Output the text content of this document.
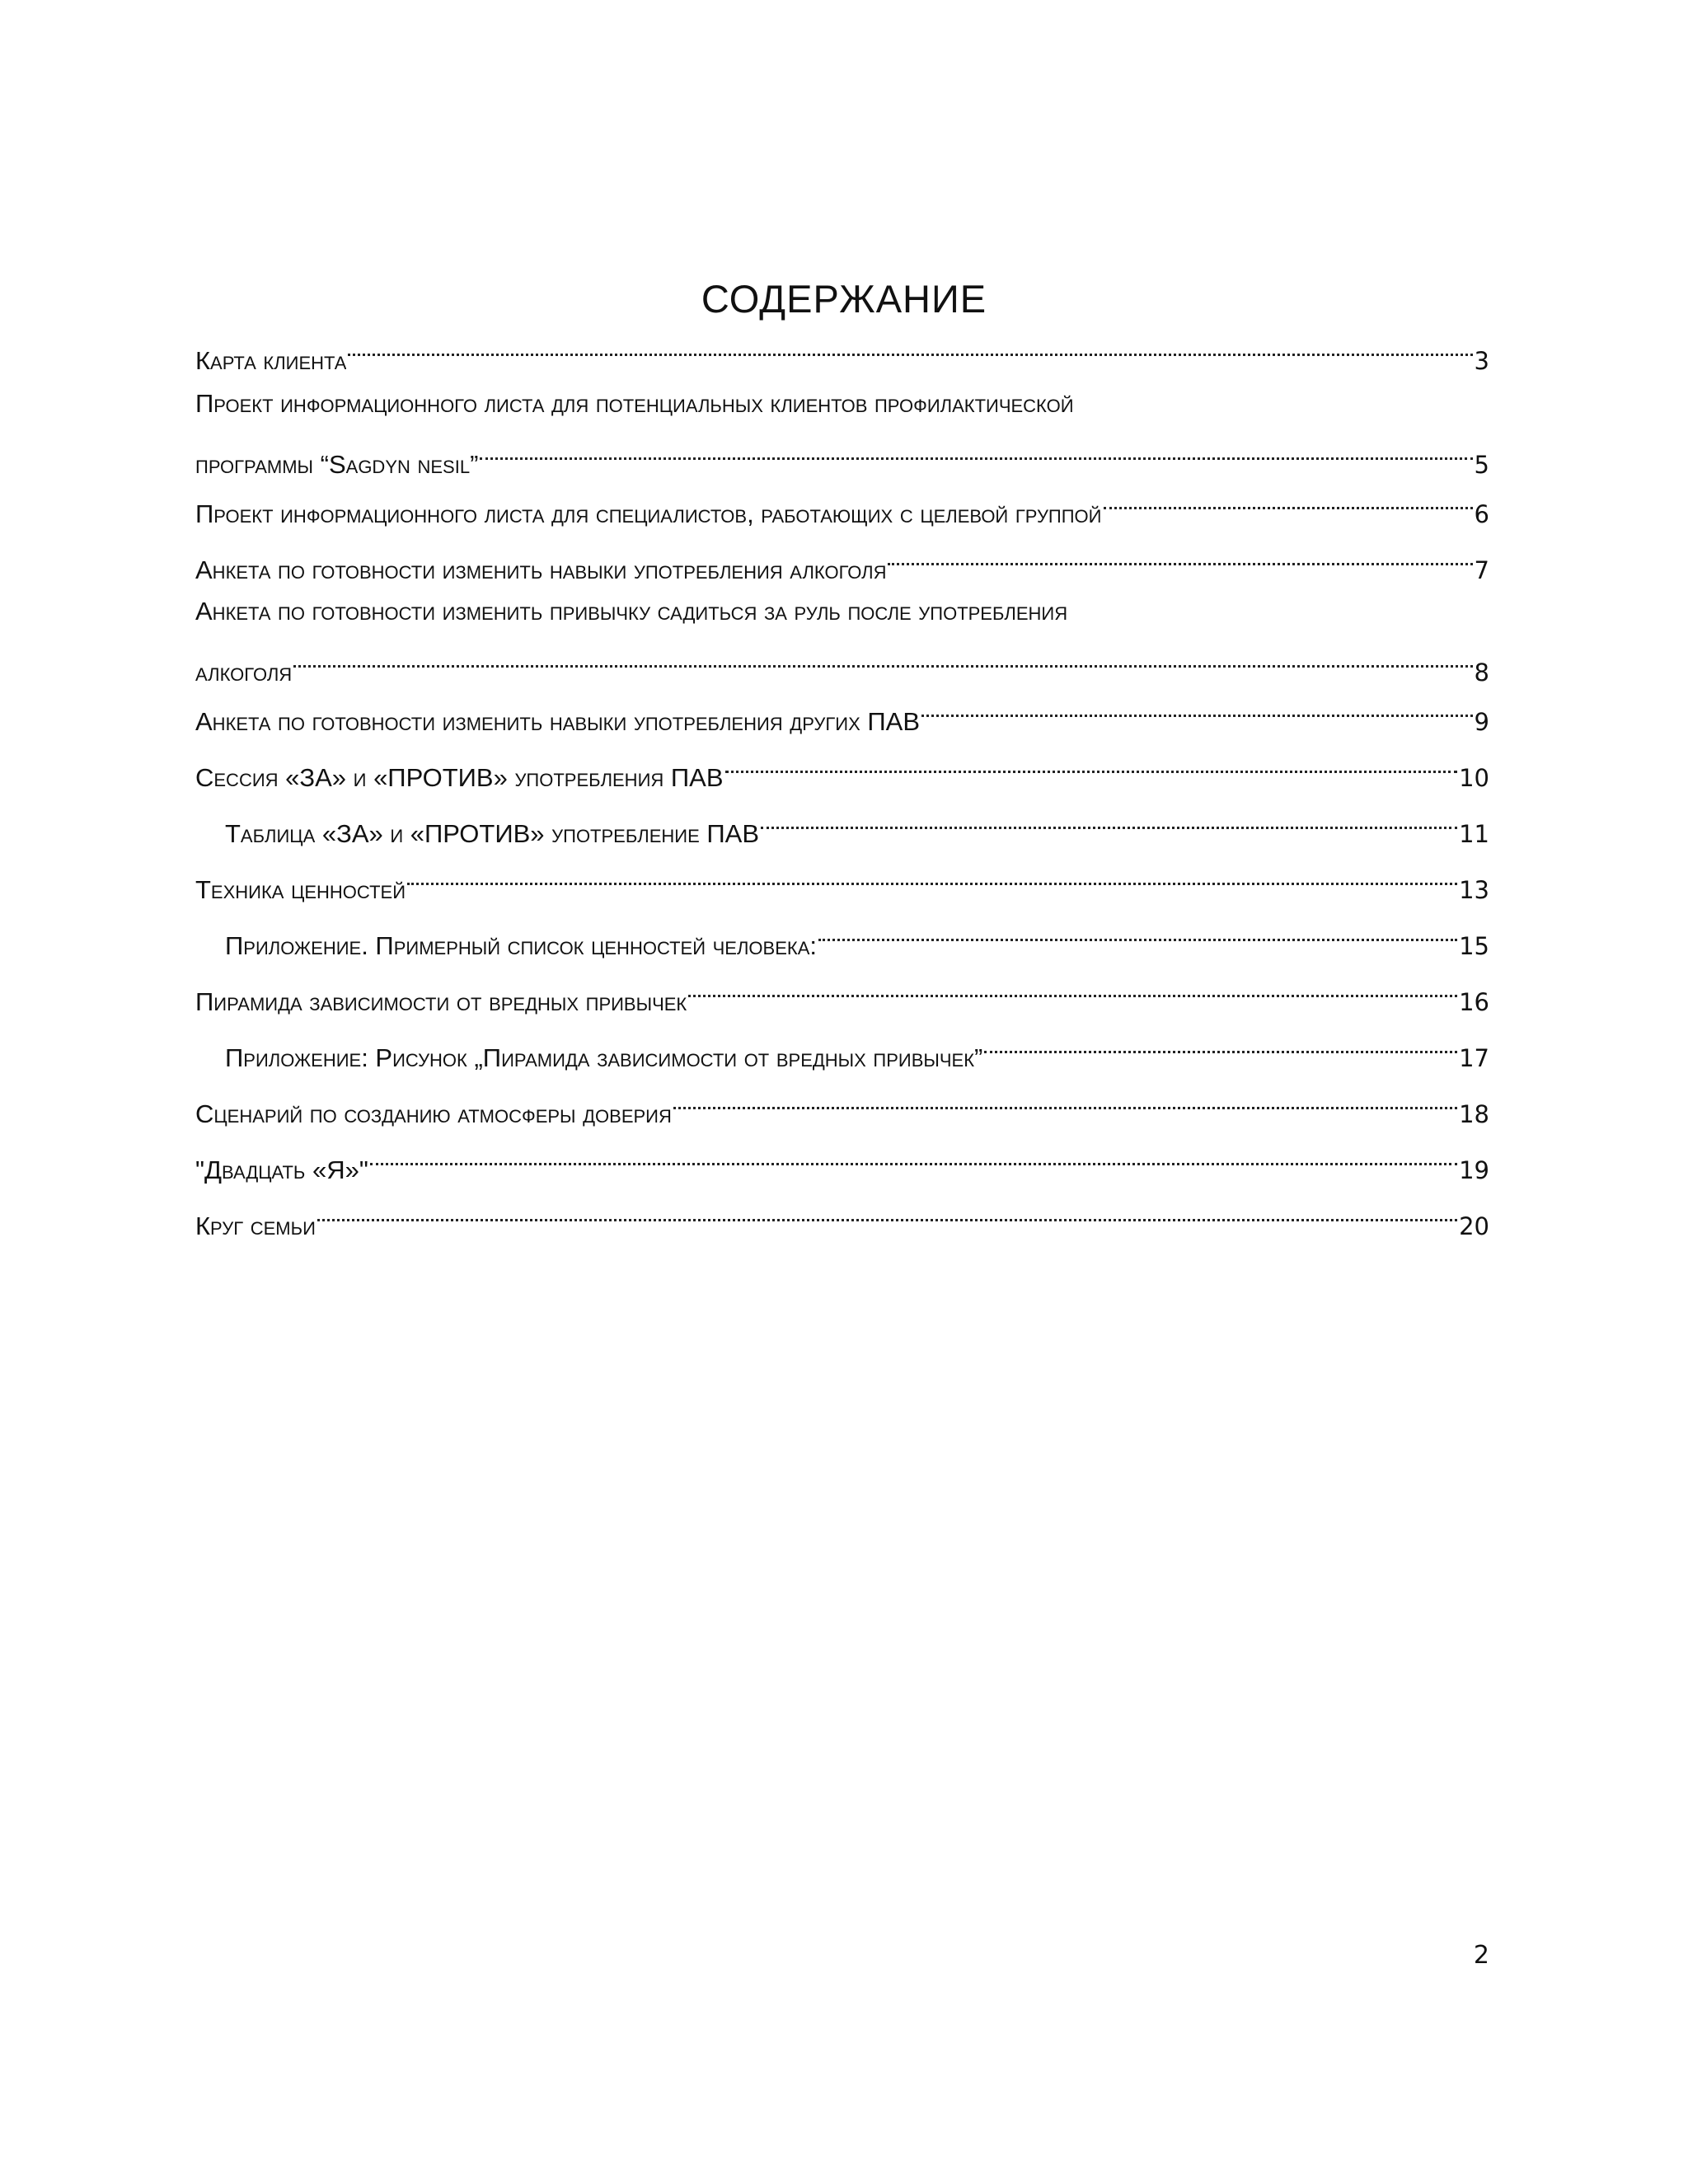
СОДЕРЖАНИЕ
Карта клиента	3
Проект информационного листа для потенциальных клиентов профилактической
программы “Sagdyn nesil”	5
Проект информационного листа для специалистов, работающих с целевой группой	6
Анкета по готовности изменить навыки употребления алкоголя	7
Анкета по готовности изменить привычку садиться за руль после употребления
алкоголя	8
Анкета по готовности изменить навыки употребления других ПАВ	9
Сессия «ЗА» и «ПРОТИВ» употребления ПАВ	10
Таблица «ЗА» и «ПРОТИВ» употребление ПАВ	11
Техника ценностей	13
Приложение. Примерный список ценностей человека:	15
Пирамида зависимости от вредных привычек	16
Приложение: Рисунок „Пирамида зависимости от вредных привычек”	17
Сценарий по созданию атмосферы доверия	18
"Двадцать «Я»"	19
Круг семьи	20
2
